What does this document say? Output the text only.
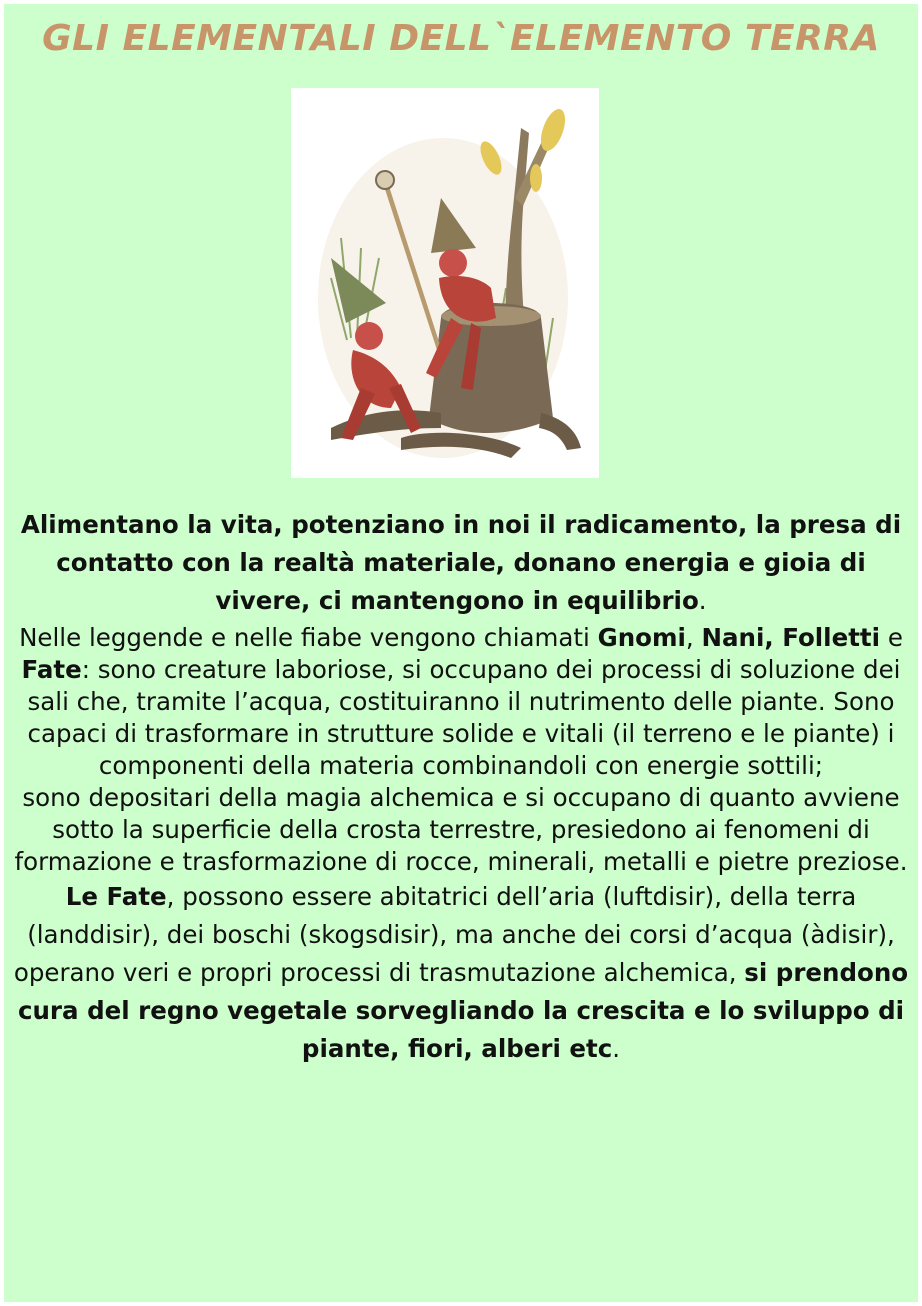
GLI ELEMENTALI DELL`ELEMENTO TERRA

Alimentano la vita, potenziano in noi il radicamento, la presa di contatto con la realtà materiale, donano energia e gioia di vivere, ci mantengono in equilibrio.

Nelle leggende e nelle fiabe vengono chiamati Gnomi, Nani, Folletti e Fate: sono creature laboriose, si occupano dei processi di soluzione dei sali che, tramite l’acqua, costituiranno il nutrimento delle piante. Sono capaci di trasformare in strutture solide e vitali (il terreno e le piante) i componenti della materia combinandoli con energie sottili;

sono depositari della magia alchemica e si occupano di quanto avviene sotto la superficie della crosta terrestre, presiedono ai fenomeni di formazione e trasformazione di rocce, minerali, metalli e pietre preziose.

Le Fate, possono essere abitatrici dell’aria (luftdisir), della terra (landdisir), dei boschi (skogsdisir), ma anche dei corsi d’acqua (àdisir), operano veri e propri processi di trasmutazione alchemica, si prendono cura del regno vegetale sorvegliando la crescita e lo sviluppo di piante, fiori, alberi etc.
